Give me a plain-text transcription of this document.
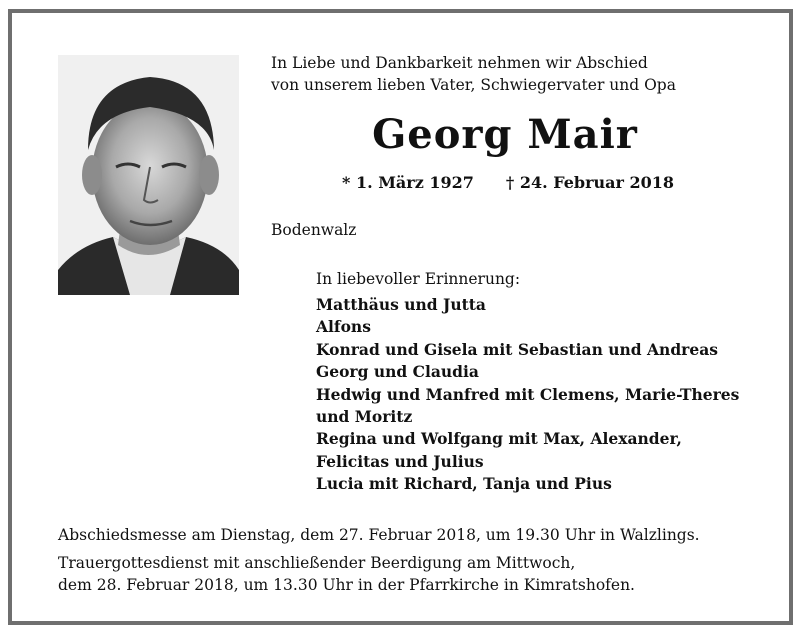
In Liebe und Dankbarkeit nehmen wir Abschied
von unserem lieben Vater, Schwiegervater und Opa
Georg Mair
* 1. März 1927 † 24. Februar 2018
Bodenwalz
In liebevoller Erinnerung:
Matthäus und Jutta
Alfons
Konrad und Gisela mit Sebastian und Andreas
Georg und Claudia
Hedwig und Manfred mit Clemens, Marie-Theres
und Moritz
Regina und Wolfgang mit Max, Alexander,
Felicitas und Julius
Lucia mit Richard, Tanja und Pius
Abschiedsmesse am Dienstag, dem 27. Februar 2018, um 19.30 Uhr in Walzlings.
Trauergottesdienst mit anschließender Beerdigung am Mittwoch,
dem 28. Februar 2018, um 13.30 Uhr in der Pfarrkirche in Kimratshofen.
